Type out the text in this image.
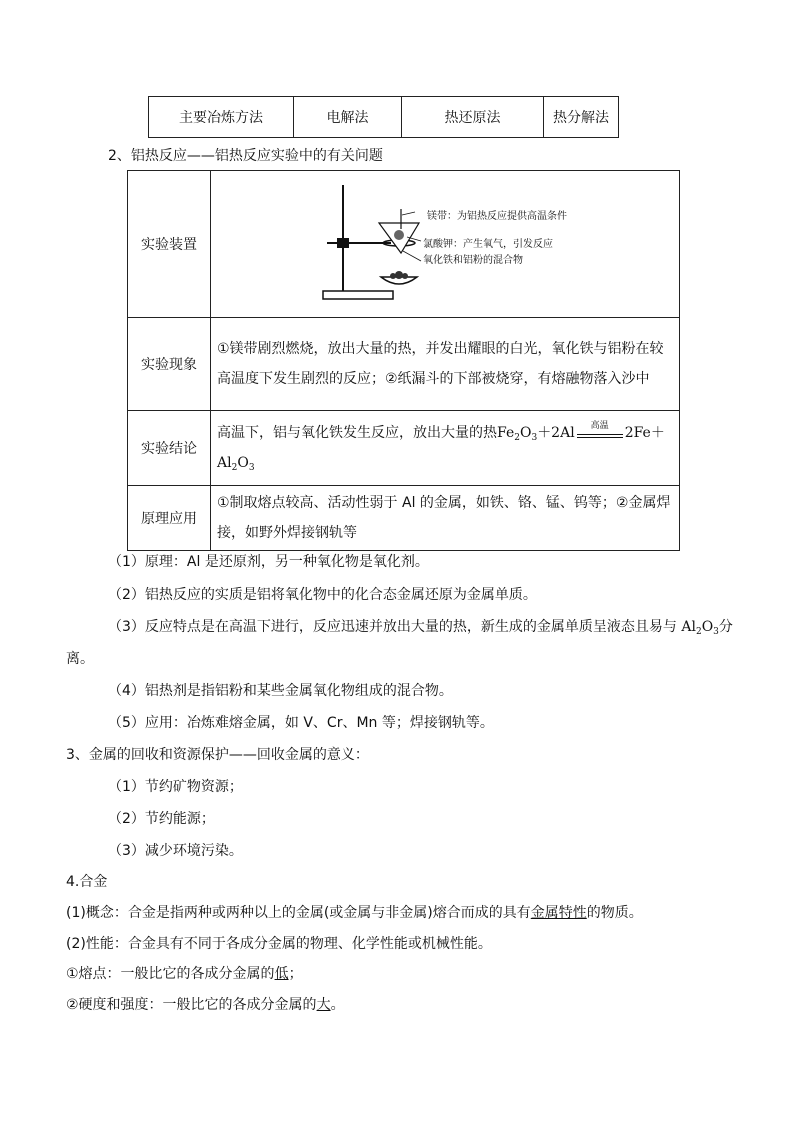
主要冶炼方法	电解法	热还原法	热分解法
2、铝热反应——铝热反应实验中的有关问题
实验装置	镁带：为铝热反应提供高温条件
氯酸钾：产生氧气，引发反应
氧化铁和铝粉的混合物

实验现象	①镁带剧烈燃烧，放出大量的热，并发出耀眼的白光，氧化铁与铝粉在较高温度下发生剧烈的反应；②纸漏斗的下部被烧穿，有熔融物落入沙中
实验结论	高温下，铝与氧化铁发生反应，放出大量的热$Fe_2O_3+2Al$ 高温 2Fe＋
$Al_2O_3$
原理应用	①制取熔点较高、活动性弱于 Al 的金属，如铁、铬、锰、钨等；②金属焊接，如野外焊接钢轨等
（1）原理：Al 是还原剂，另一种氧化物是氧化剂。
（2）铝热反应的实质是铝将氧化物中的化合态金属还原为金属单质。
（3）反应特点是在高温下进行，反应迅速并放出大量的热，新生成的金属单质呈液态且易与 $Al_2O_3$分
离。
（4）铝热剂是指铝粉和某些金属氧化物组成的混合物。
（5）应用：冶炼难熔金属，如 V、Cr、Mn 等；焊接钢轨等。
3、金属的回收和资源保护——回收金属的意义：
（1）节约矿物资源；
（2）节约能源；
（3）减少环境污染。
4.合金
(1)概念：合金是指两种或两种以上的金属(或金属与非金属)熔合而成的具有金属特性的物质。
(2)性能：合金具有不同于各成分金属的物理、化学性能或机械性能。
①熔点：一般比它的各成分金属的低；
②硬度和强度：一般比它的各成分金属的大。
